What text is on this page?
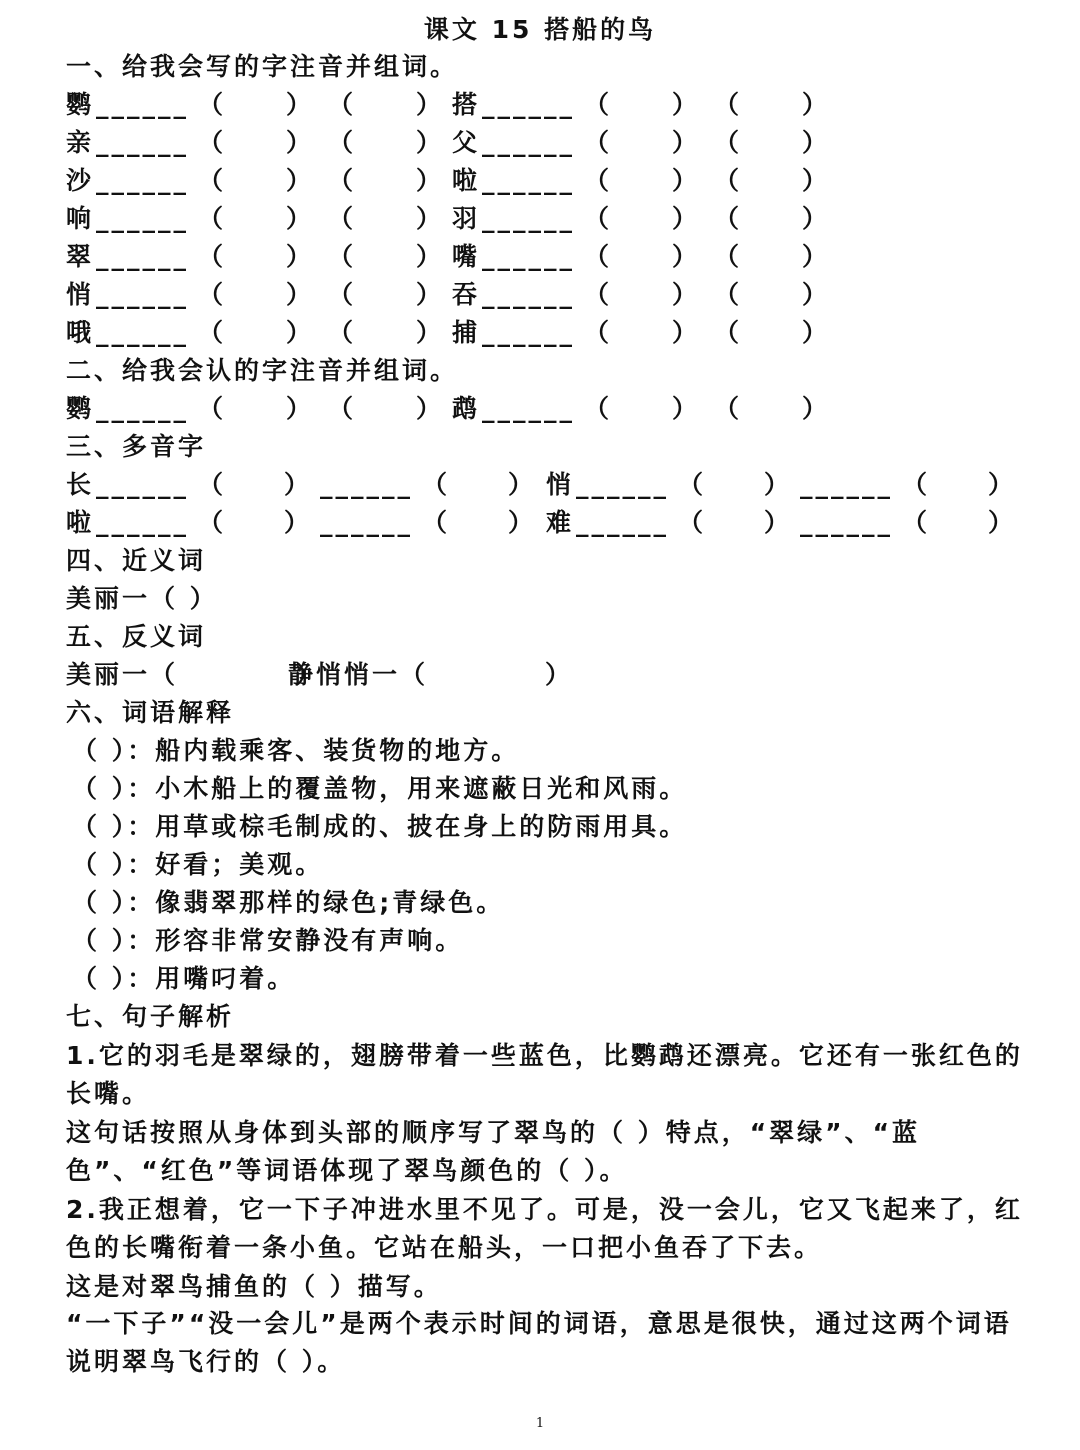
课文 15 搭船的鸟
一、给我会写的字注音并组词。
鹦 ______ （ ） （ ） 搭 ______ （ ） （ ）
亲 ______ （ ） （ ） 父 ______ （ ） （ ）
沙 ______ （ ） （ ） 啦 ______ （ ） （ ）
响 ______ （ ） （ ） 羽 ______ （ ） （ ）
翠 ______ （ ） （ ） 嘴 ______ （ ） （ ）
悄 ______ （ ） （ ） 吞 ______ （ ） （ ）
哦 ______ （ ） （ ） 捕 ______ （ ） （ ）
二、给我会认的字注音并组词。
鹦 ______ （ ） （ ） 鹉 ______ （ ） （ ）
三、多音字
长 ______ （ ） ______ （ ） 悄 ______ （ ） ______ （ ）
啦 ______ （ ） ______ （ ） 难 ______ （ ） ______ （ ）
四、近义词
美丽一（ ）
五、反义词
美丽一（          ）
静悄悄一（          ）
六、词语解释
（ ）：船内载乘客、装货物的地方。
（ ）：小木船上的覆盖物，用来遮蔽日光和风雨。
（ ）：用草或棕毛制成的、披在身上的防雨用具。
（ ）：好看；美观。
（ ）：像翡翠那样的绿色;青绿色。
（ ）：形容非常安静没有声响。
（ ）：用嘴叼着。
七、句子解析
1.它的羽毛是翠绿的，翅膀带着一些蓝色，比鹦鹉还漂亮。它还有一张红色的长嘴。
这句话按照从身体到头部的顺序写了翠鸟的（ ）特点，“翠绿”、“蓝色”、“红色”等词语体现了翠鸟颜色的（ ）。
2.我正想着，它一下子冲进水里不见了。可是，没一会儿，它又飞起来了，红色的长嘴衔着一条小鱼。它站在船头，一口把小鱼吞了下去。
这是对翠鸟捕鱼的（ ）描写。
“一下子”“没一会儿”是两个表示时间的词语，意思是很快，通过这两个词语说明翠鸟飞行的（ ）。
1
